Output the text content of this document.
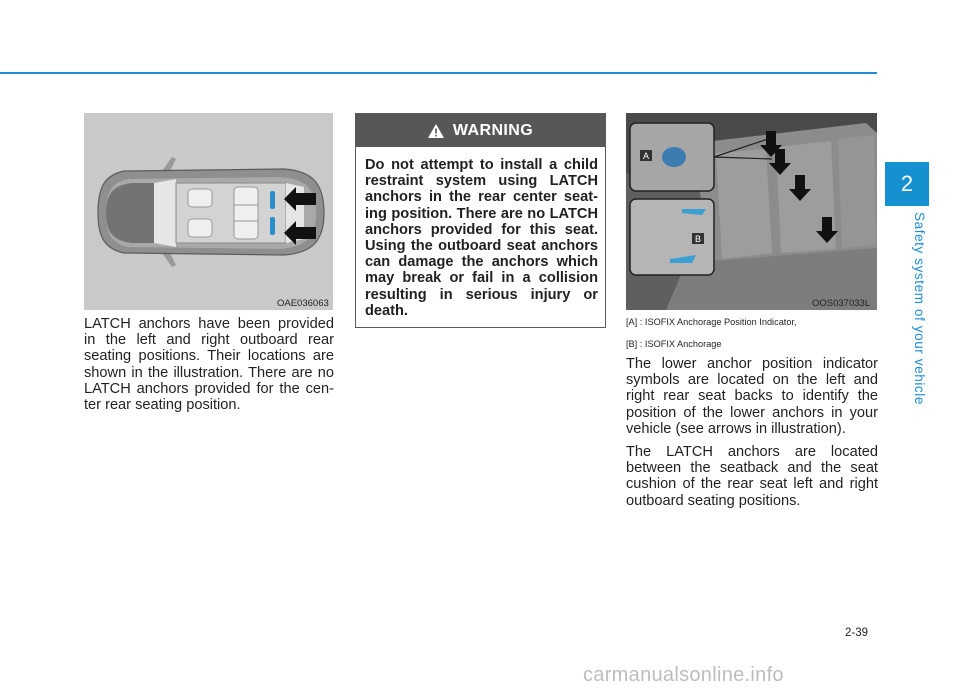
2
Safety system of your vehicle
OAE036063

LATCH anchors have been provided in the left and right outboard rear seating positions. Their locations are shown in the illustration. There are no LATCH anchors provided for the cen-ter rear seating position.

WARNING

Do not attempt to install a child restraint system using LATCH anchors in the rear center seat-ing position. There are no LATCH anchors provided for this seat. Using the outboard seat anchors can damage the anchors which may break or fail in a collision resulting in serious injury or death.

A
B
OOS037033L

[A] : ISOFIX Anchorage Position Indicator,

[B] : ISOFIX Anchorage

The lower anchor position indicator symbols are located on the left and right rear seat backs to identify the position of the lower anchors in your vehicle (see arrows in illustration).

The LATCH anchors are located between the seatback and the seat cushion of the rear seat left and right outboard seating positions.

2-39
carmanualsonline.info
